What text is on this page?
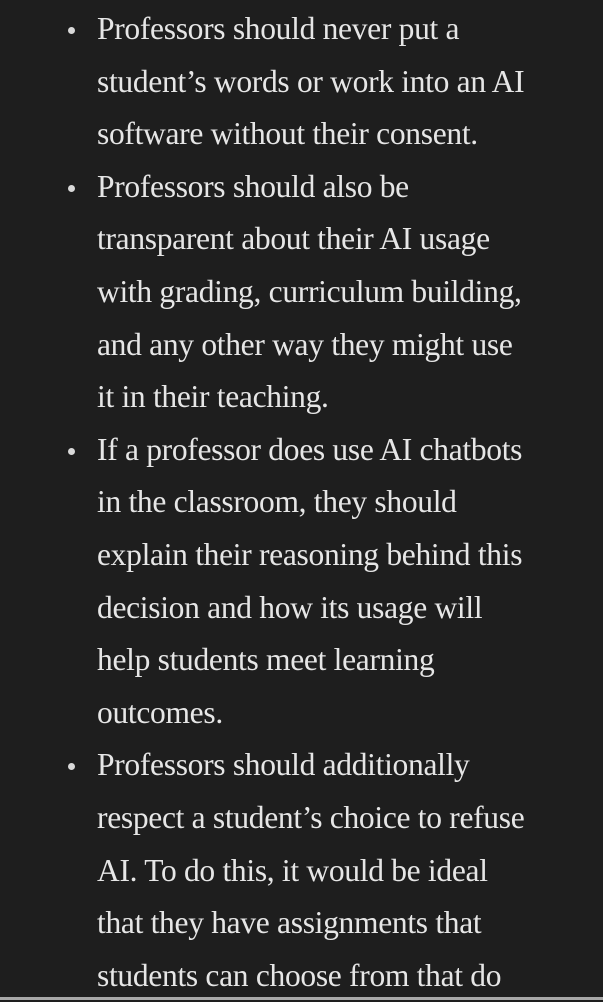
Professors should never put a
student’s words or work into an AI
software without their consent.
Professors should also be
transparent about their AI usage
with grading, curriculum building,
and any other way they might use
it in their teaching.
If a professor does use AI chatbots
in the classroom, they should
explain their reasoning behind this
decision and how its usage will
help students meet learning
outcomes.
Professors should additionally
respect a student’s choice to refuse
AI. To do this, it would be ideal
that they have assignments that
students can choose from that do
